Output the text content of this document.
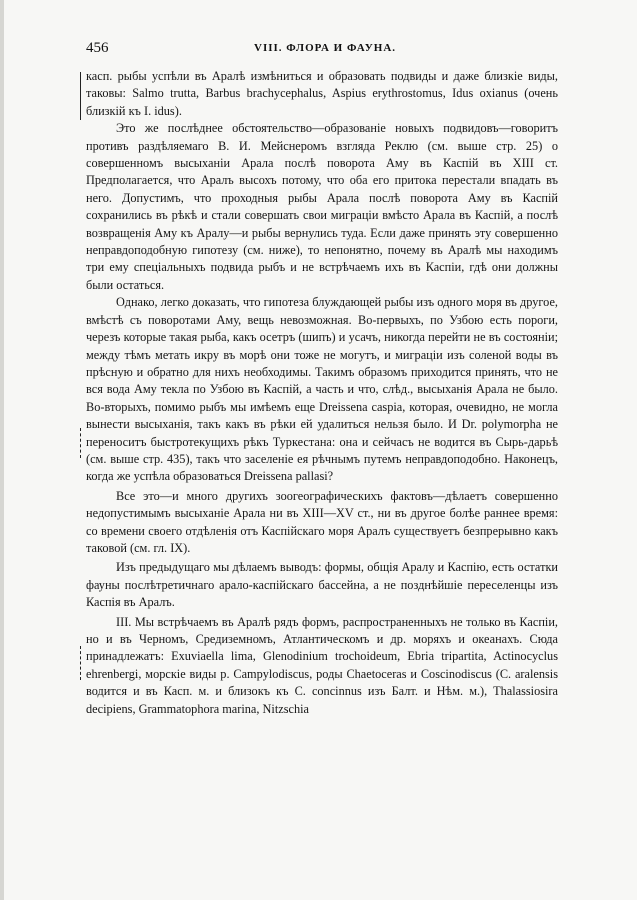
456	VIII. ФЛОРА И ФАУНА.

касп. рыбы успѣли въ Аралѣ измѣниться и образовать подвиды и даже близкіе виды, таковы: Salmo trutta, Barbus brachycephalus, Aspius erythrostomus, Idus oxianus (очень близкій къ I. idus).

Это же послѣднее обстоятельство—образованіе новыхъ подвидовъ—говоритъ противъ раздѣляемаго В. И. Мейснеромъ взгляда Реклю (см. выше стр. 25) о совершенномъ высыханіи Арала послѣ поворота Аму въ Каспій въ XIII ст. Предполагается, что Аралъ высохъ потому, что оба его притока перестали впадать въ него. Допустимъ, что проходныя рыбы Арала послѣ поворота Аму въ Каспій сохранились въ рѣкѣ и стали совершать свои миграціи вмѣсто Арала въ Каспій, а послѣ возвращенія Аму къ Аралу—и рыбы вернулись туда. Если даже принять эту совершенно неправдоподобную гипотезу (см. ниже), то непонятно, почему въ Аралѣ мы находимъ три ему спеціальныхъ подвида рыбъ и не встрѣчаемъ ихъ въ Каспіи, гдѣ они должны были остаться.

Однако, легко доказать, что гипотеза блуждающей рыбы изъ одного моря въ другое, вмѣстѣ съ поворотами Аму, вещь невозможная. Во-первыхъ, по Узбою есть пороги, черезъ которые такая рыба, какъ осетръ (шипъ) и усачъ, никогда перейти не въ состояніи; между тѣмъ метать икру въ морѣ они тоже не могутъ, и миграціи изъ соленой воды въ прѣсную и обратно для нихъ необходимы. Такимъ образомъ приходится принять, что не вся вода Аму текла по Узбою въ Каспій, а часть и что, слѣд., высыханія Арала не было. Во-вторыхъ, помимо рыбъ мы имѣемъ еще Dreissena caspia, которая, очевидно, не могла вынести высыханія, такъ какъ въ рѣки ей удалиться нельзя было. И Dr. polymorpha не переноситъ быстротекущихъ рѣкъ Туркестана: она и сейчасъ не водится въ Сырь-дарьѣ (см. выше стр. 435), такъ что заселеніе ея рѣчнымъ путемъ неправдоподобно. Наконецъ, когда же успѣла образоваться Dreissena pallasi?

Все это—и много другихъ зоогеографическихъ фактовъ—дѣлаетъ совершенно недопустимымъ высыханіе Арала ни въ XIII—XV ст., ни въ другое болѣе раннее время: со времени своего отдѣленія отъ Каспійскаго моря Аралъ существуетъ безпрерывно какъ таковой (см. гл. IX).

Изъ предыдущаго мы дѣлаемъ выводъ: формы, общія Аралу и Каспію, есть остатки фауны послѣтретичнаго арало-каспійскаго бассейна, а не позднѣйшіе переселенцы изъ Каспія въ Аралъ.

III. Мы встрѣчаемъ въ Аралѣ рядъ формъ, распространенныхъ не только въ Каспіи, но и въ Черномъ, Средиземномъ, Атлантическомъ и др. моряхъ и океанахъ. Сюда принадлежатъ: Exuviaella lima, Glenodinium trochoideum, Ebria tripartita, Actinocyclus ehrenbergi, морскіе виды р. Campylodiscus, роды Chaetoceras и Coscinodiscus (C. aralensis водится и въ Касп. м. и близокъ къ C. concinnus изъ Балт. и Нѣм. м.), Thalassiosira decipiens, Grammatophora marina, Nitzschia
